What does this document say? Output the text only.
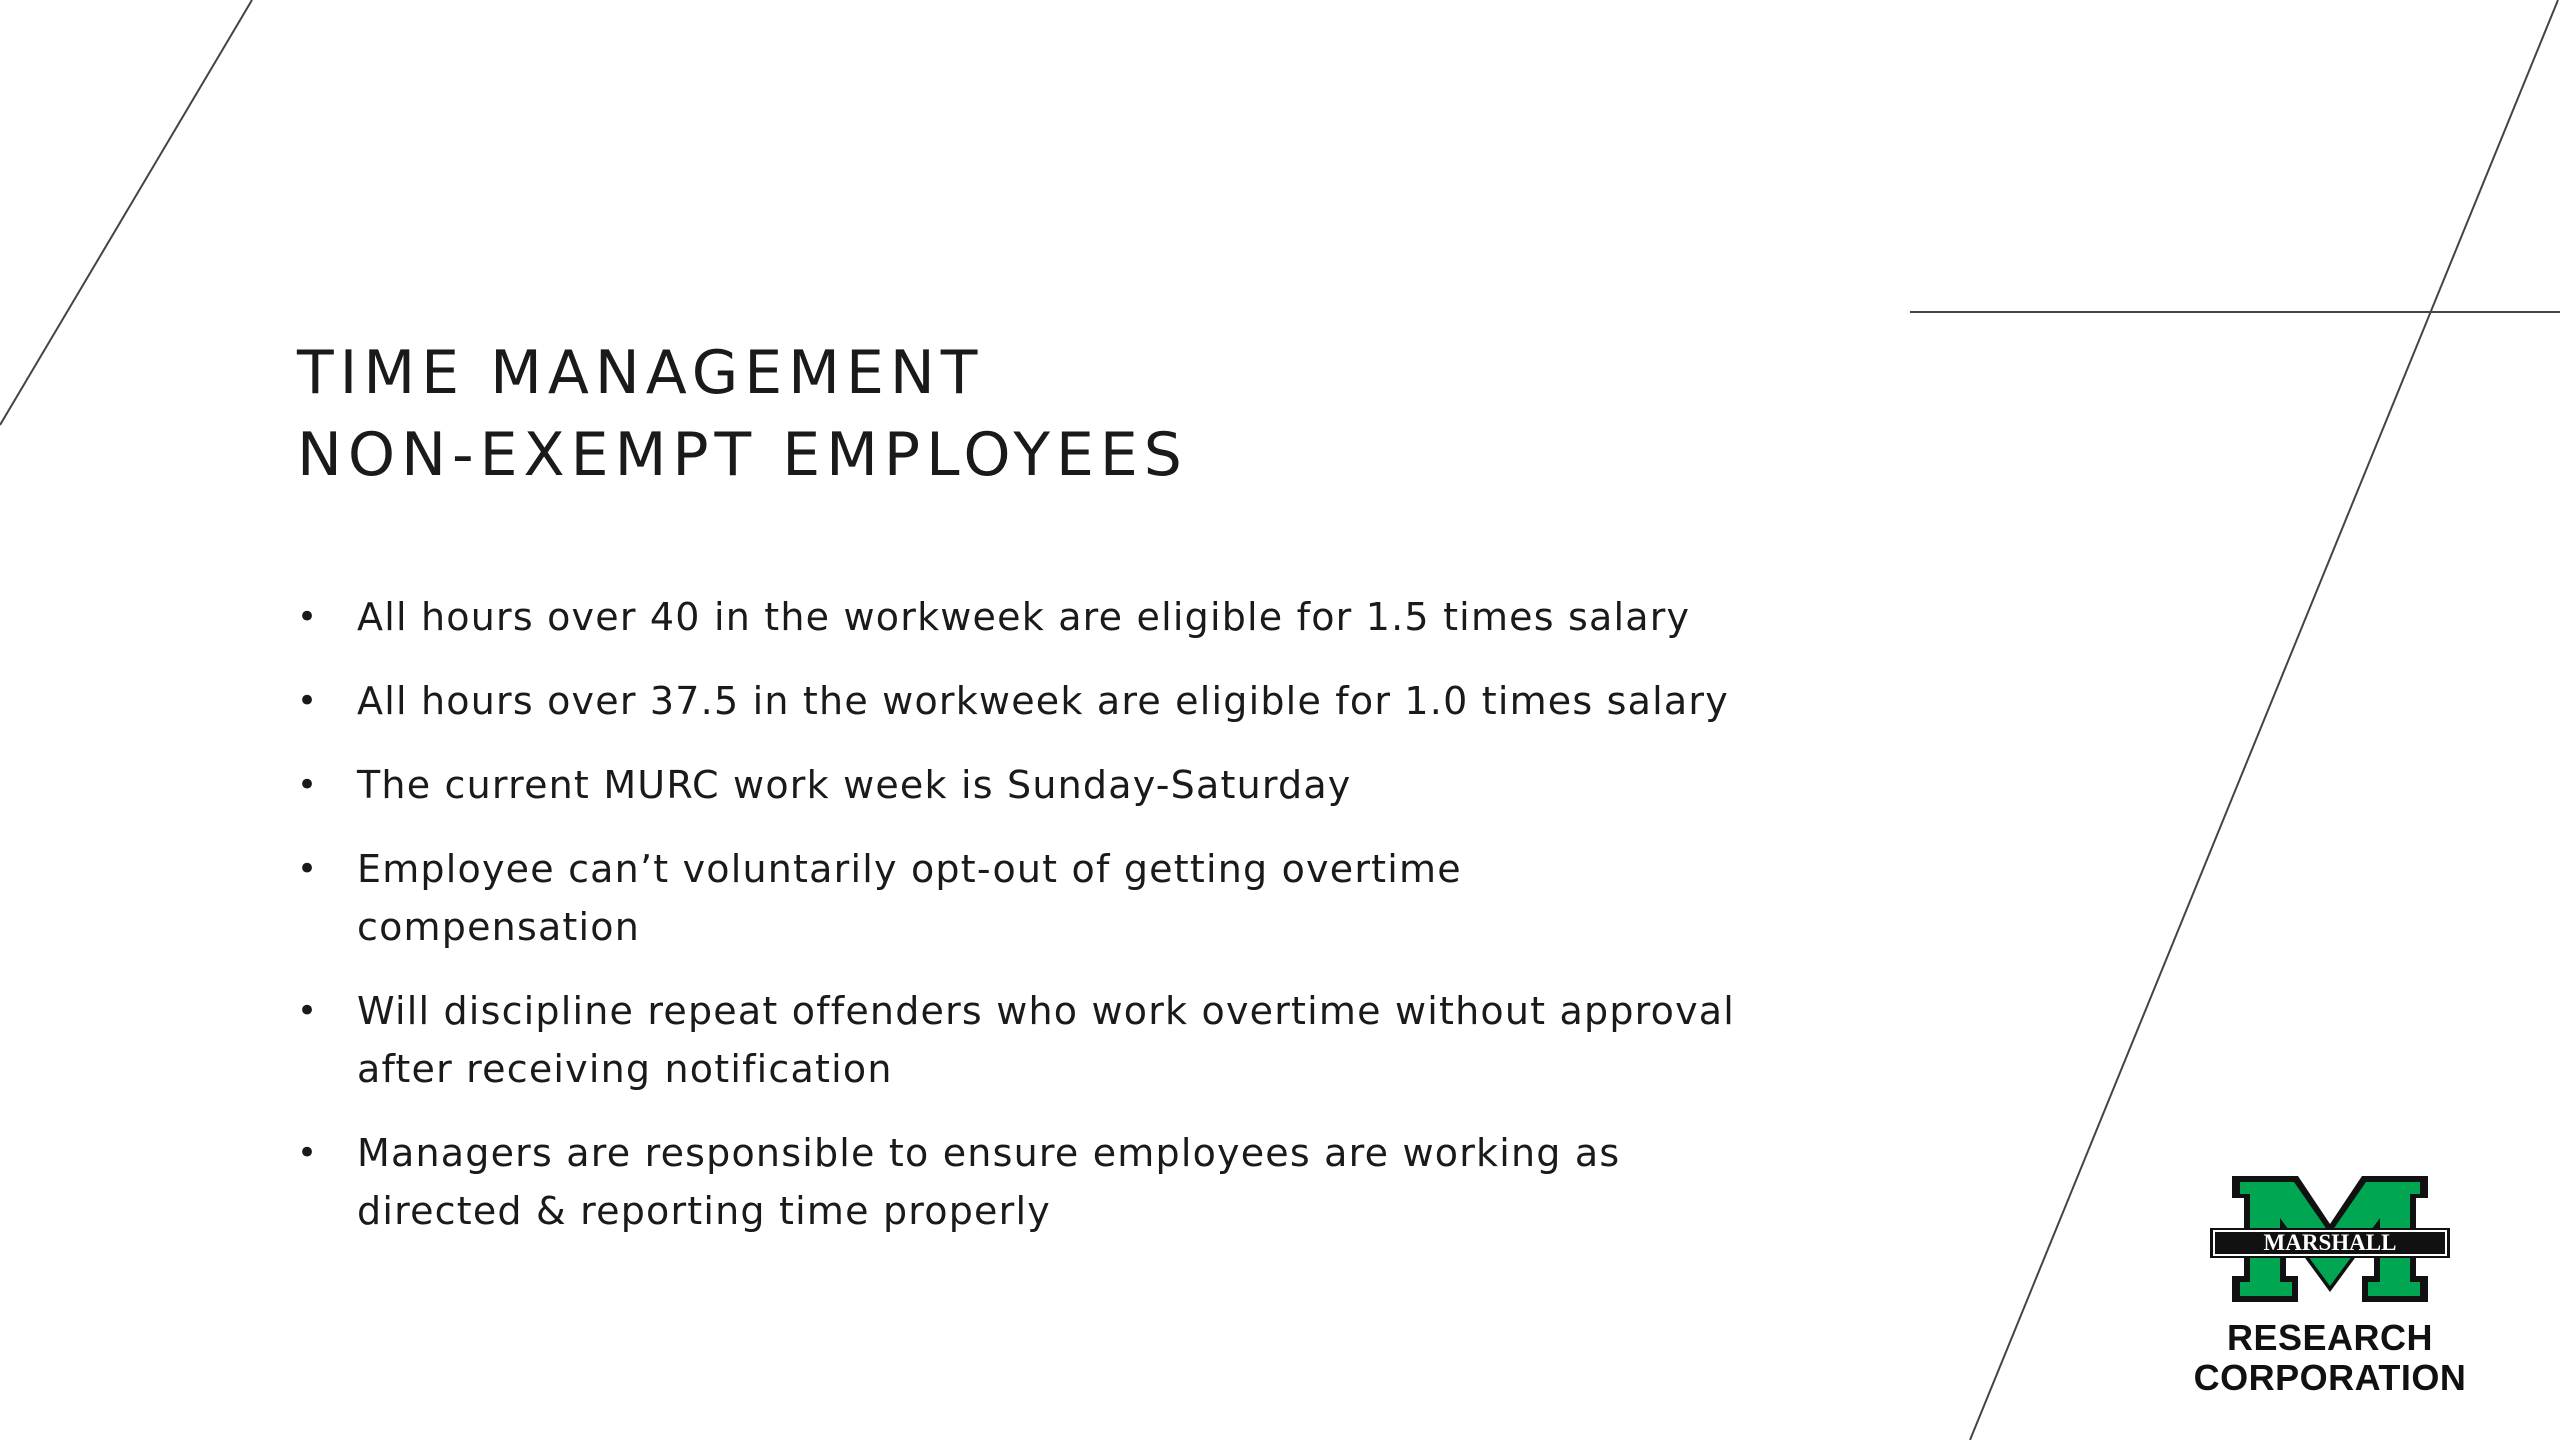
TIME MANAGEMENT
NON-EXEMPT EMPLOYEES
• All hours over 40 in the workweek are eligible for 1.5 times salary
• All hours over 37.5 in the workweek are eligible for 1.0 times salary
• The current MURC work week is Sunday-Saturday
• Employee can’t voluntarily opt-out of getting overtime compensation
• Will discipline repeat offenders who work overtime without approval after receiving notification
• Managers are responsible to ensure employees are working as directed & reporting time properly
MARSHALL
RESEARCH
CORPORATION
